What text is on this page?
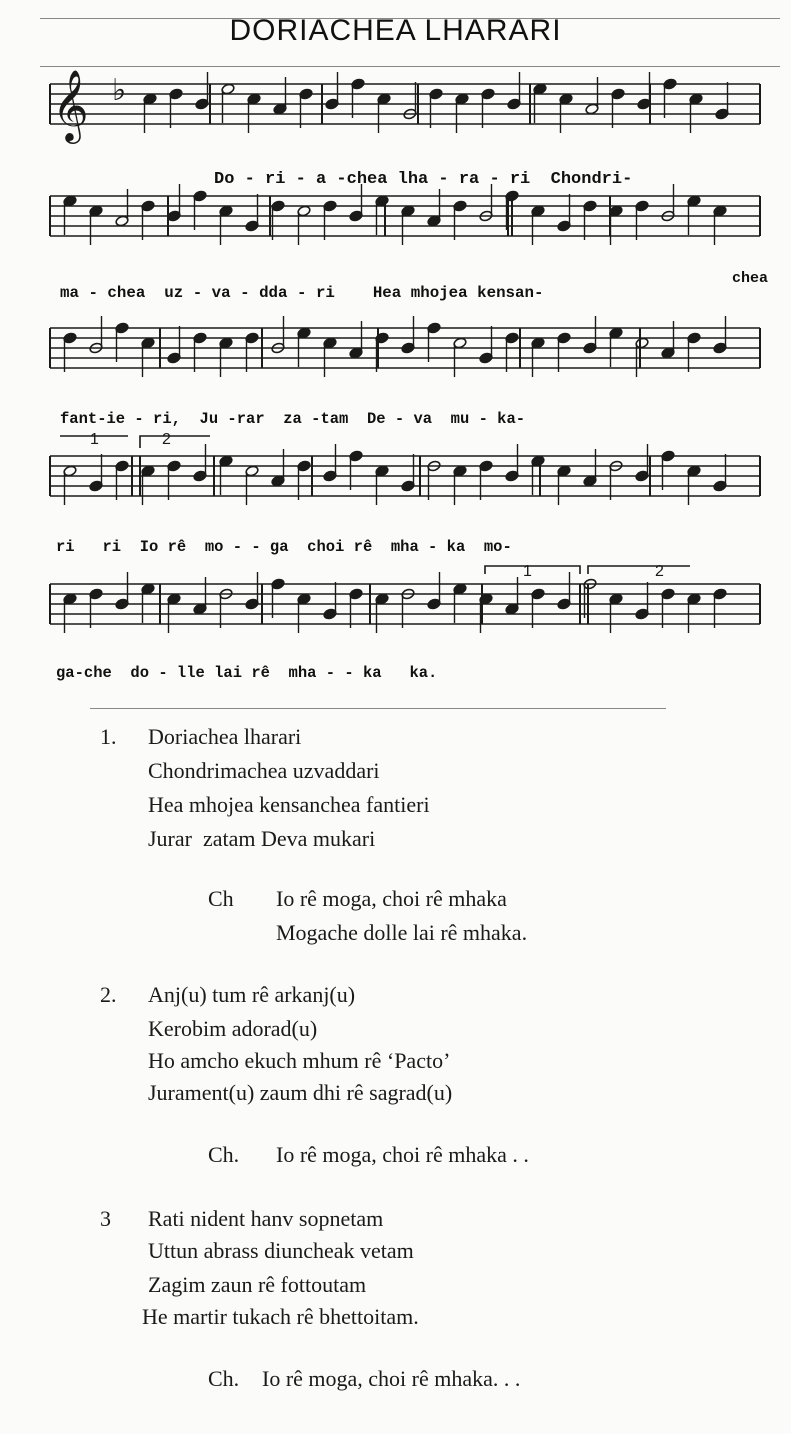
DORIACHEA LHARARI
𝄞 ♭
1	2
1	2
Do - ri - a -chea lha - ra - ri  Chondri-
ma - chea  uz - va - dda - ri    Hea mhojea kensan-
chea
fant-ie - ri,  Ju -rar  za -tam  De - va  mu - ka-
ri   ri  Io rê  mo - - ga  choi rê  mha - ka  mo-
ga-che  do - lle lai rê  mha - - ka   ka.
1. Doriachea lharari
Chondrimachea uzvaddari
Hea mhojea kensanchea fantieri
Jurar  zatam Deva mukari
Ch Io rê moga, choi rê mhaka
Mogache dolle lai rê mhaka.
2. Anj(u) tum rê arkanj(u)
Kerobim adorad(u)
Ho amcho ekuch mhum rê ‘Pacto’
Jurament(u) zaum dhi rê sagrad(u)
Ch. Io rê moga, choi rê mhaka . .
3 Rati nident hanv sopnetam
Uttun abrass diuncheak vetam
Zagim zaun rê fottoutam
He martir tukach rê bhettoitam.
Ch. Io rê moga, choi rê mhaka. . .
